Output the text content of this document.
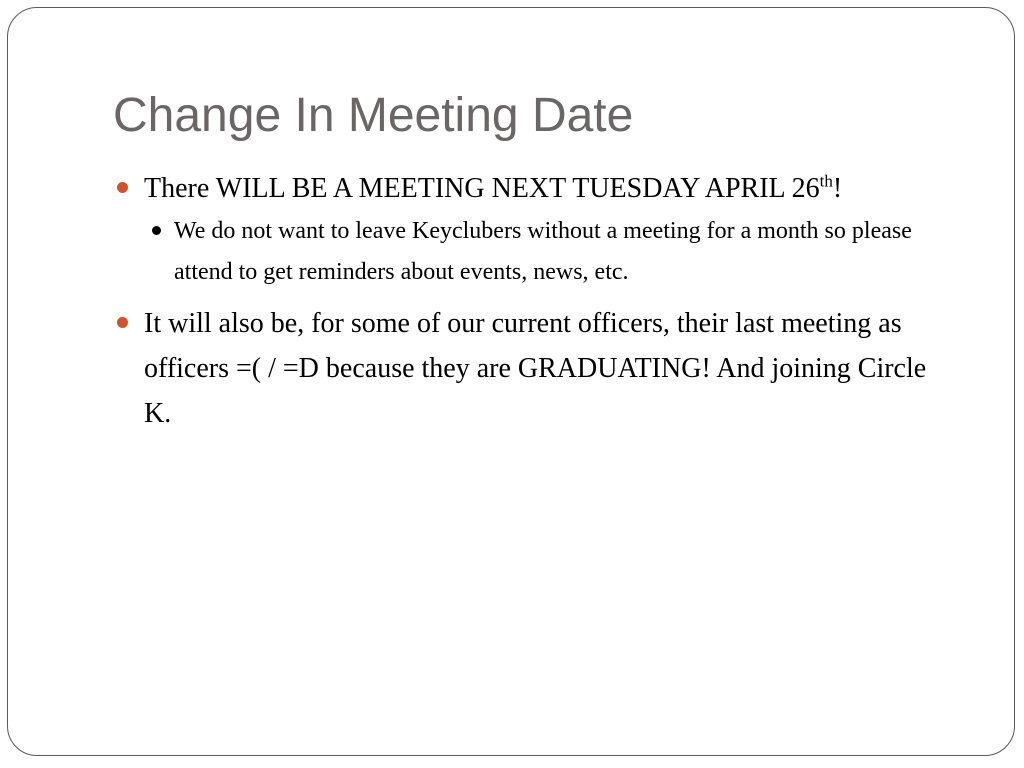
Change In Meeting Date
There WILL BE A MEETING NEXT TUESDAY APRIL 26th!
We do not want to leave Keyclubers without a meeting for a month so please attend to get reminders about events, news, etc.
It will also be, for some of our current officers, their last meeting as officers =( / =D because they are GRADUATING! And joining Circle K.
